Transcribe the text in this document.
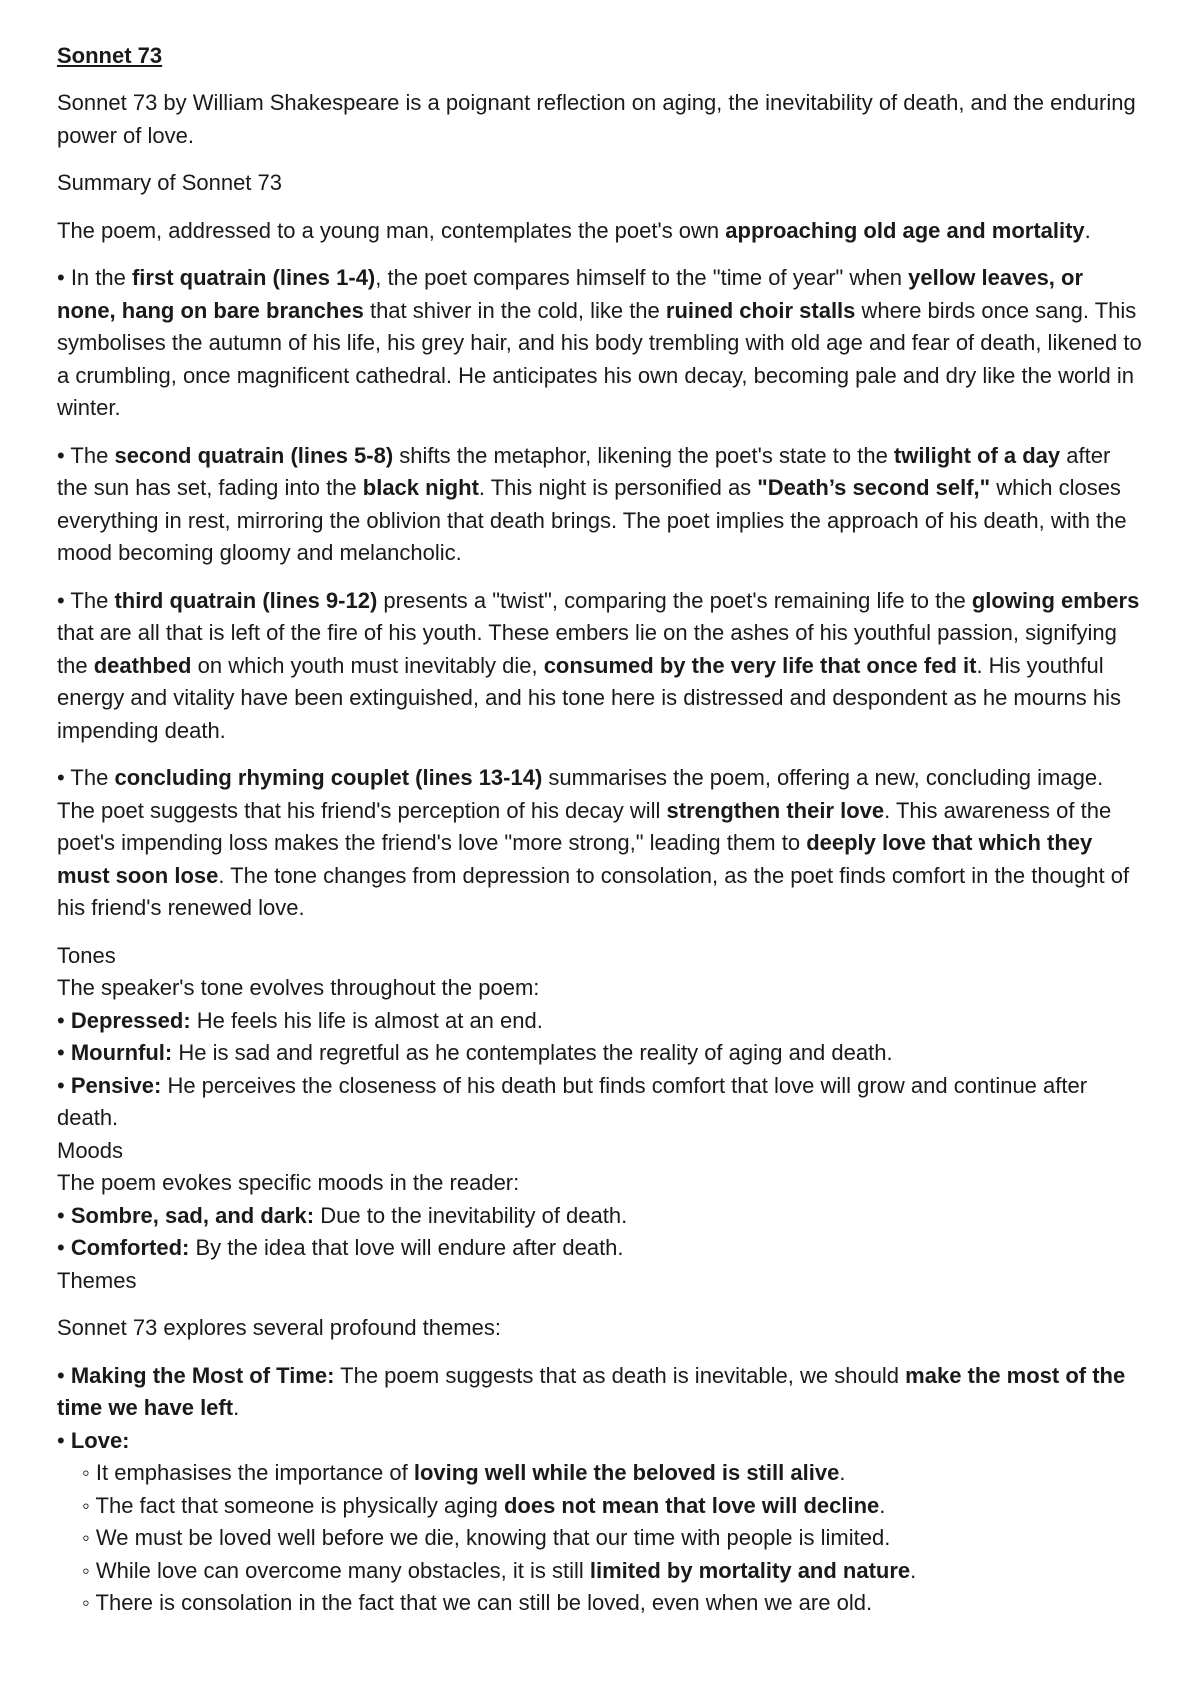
Sonnet 73
Sonnet 73 by William Shakespeare is a poignant reflection on aging, the inevitability of death, and the enduring power of love.
Summary of Sonnet 73
The poem, addressed to a young man, contemplates the poet's own approaching old age and mortality.
• In the first quatrain (lines 1-4), the poet compares himself to the "time of year" when yellow leaves, or none, hang on bare branches that shiver in the cold, like the ruined choir stalls where birds once sang. This symbolises the autumn of his life, his grey hair, and his body trembling with old age and fear of death, likened to a crumbling, once magnificent cathedral. He anticipates his own decay, becoming pale and dry like the world in winter.
• The second quatrain (lines 5-8) shifts the metaphor, likening the poet's state to the twilight of a day after the sun has set, fading into the black night. This night is personified as "Death’s second self," which closes everything in rest, mirroring the oblivion that death brings. The poet implies the approach of his death, with the mood becoming gloomy and melancholic.
• The third quatrain (lines 9-12) presents a "twist", comparing the poet's remaining life to the glowing embers that are all that is left of the fire of his youth. These embers lie on the ashes of his youthful passion, signifying the deathbed on which youth must inevitably die, consumed by the very life that once fed it. His youthful energy and vitality have been extinguished, and his tone here is distressed and despondent as he mourns his impending death.
• The concluding rhyming couplet (lines 13-14) summarises the poem, offering a new, concluding image. The poet suggests that his friend's perception of his decay will strengthen their love. This awareness of the poet's impending loss makes the friend's love "more strong," leading them to deeply love that which they must soon lose. The tone changes from depression to consolation, as the poet finds comfort in the thought of his friend's renewed love.
Tones
The speaker's tone evolves throughout the poem:
• Depressed: He feels his life is almost at an end.
• Mournful: He is sad and regretful as he contemplates the reality of aging and death.
• Pensive: He perceives the closeness of his death but finds comfort that love will grow and continue after death.
Moods
The poem evokes specific moods in the reader:
• Sombre, sad, and dark: Due to the inevitability of death.
• Comforted: By the idea that love will endure after death.
Themes
Sonnet 73 explores several profound themes:
• Making the Most of Time: The poem suggests that as death is inevitable, we should make the most of the time we have left.
• Love:
◦ It emphasises the importance of loving well while the beloved is still alive.
◦ The fact that someone is physically aging does not mean that love will decline.
◦ We must be loved well before we die, knowing that our time with people is limited.
◦ While love can overcome many obstacles, it is still limited by mortality and nature.
◦ There is consolation in the fact that we can still be loved, even when we are old.
